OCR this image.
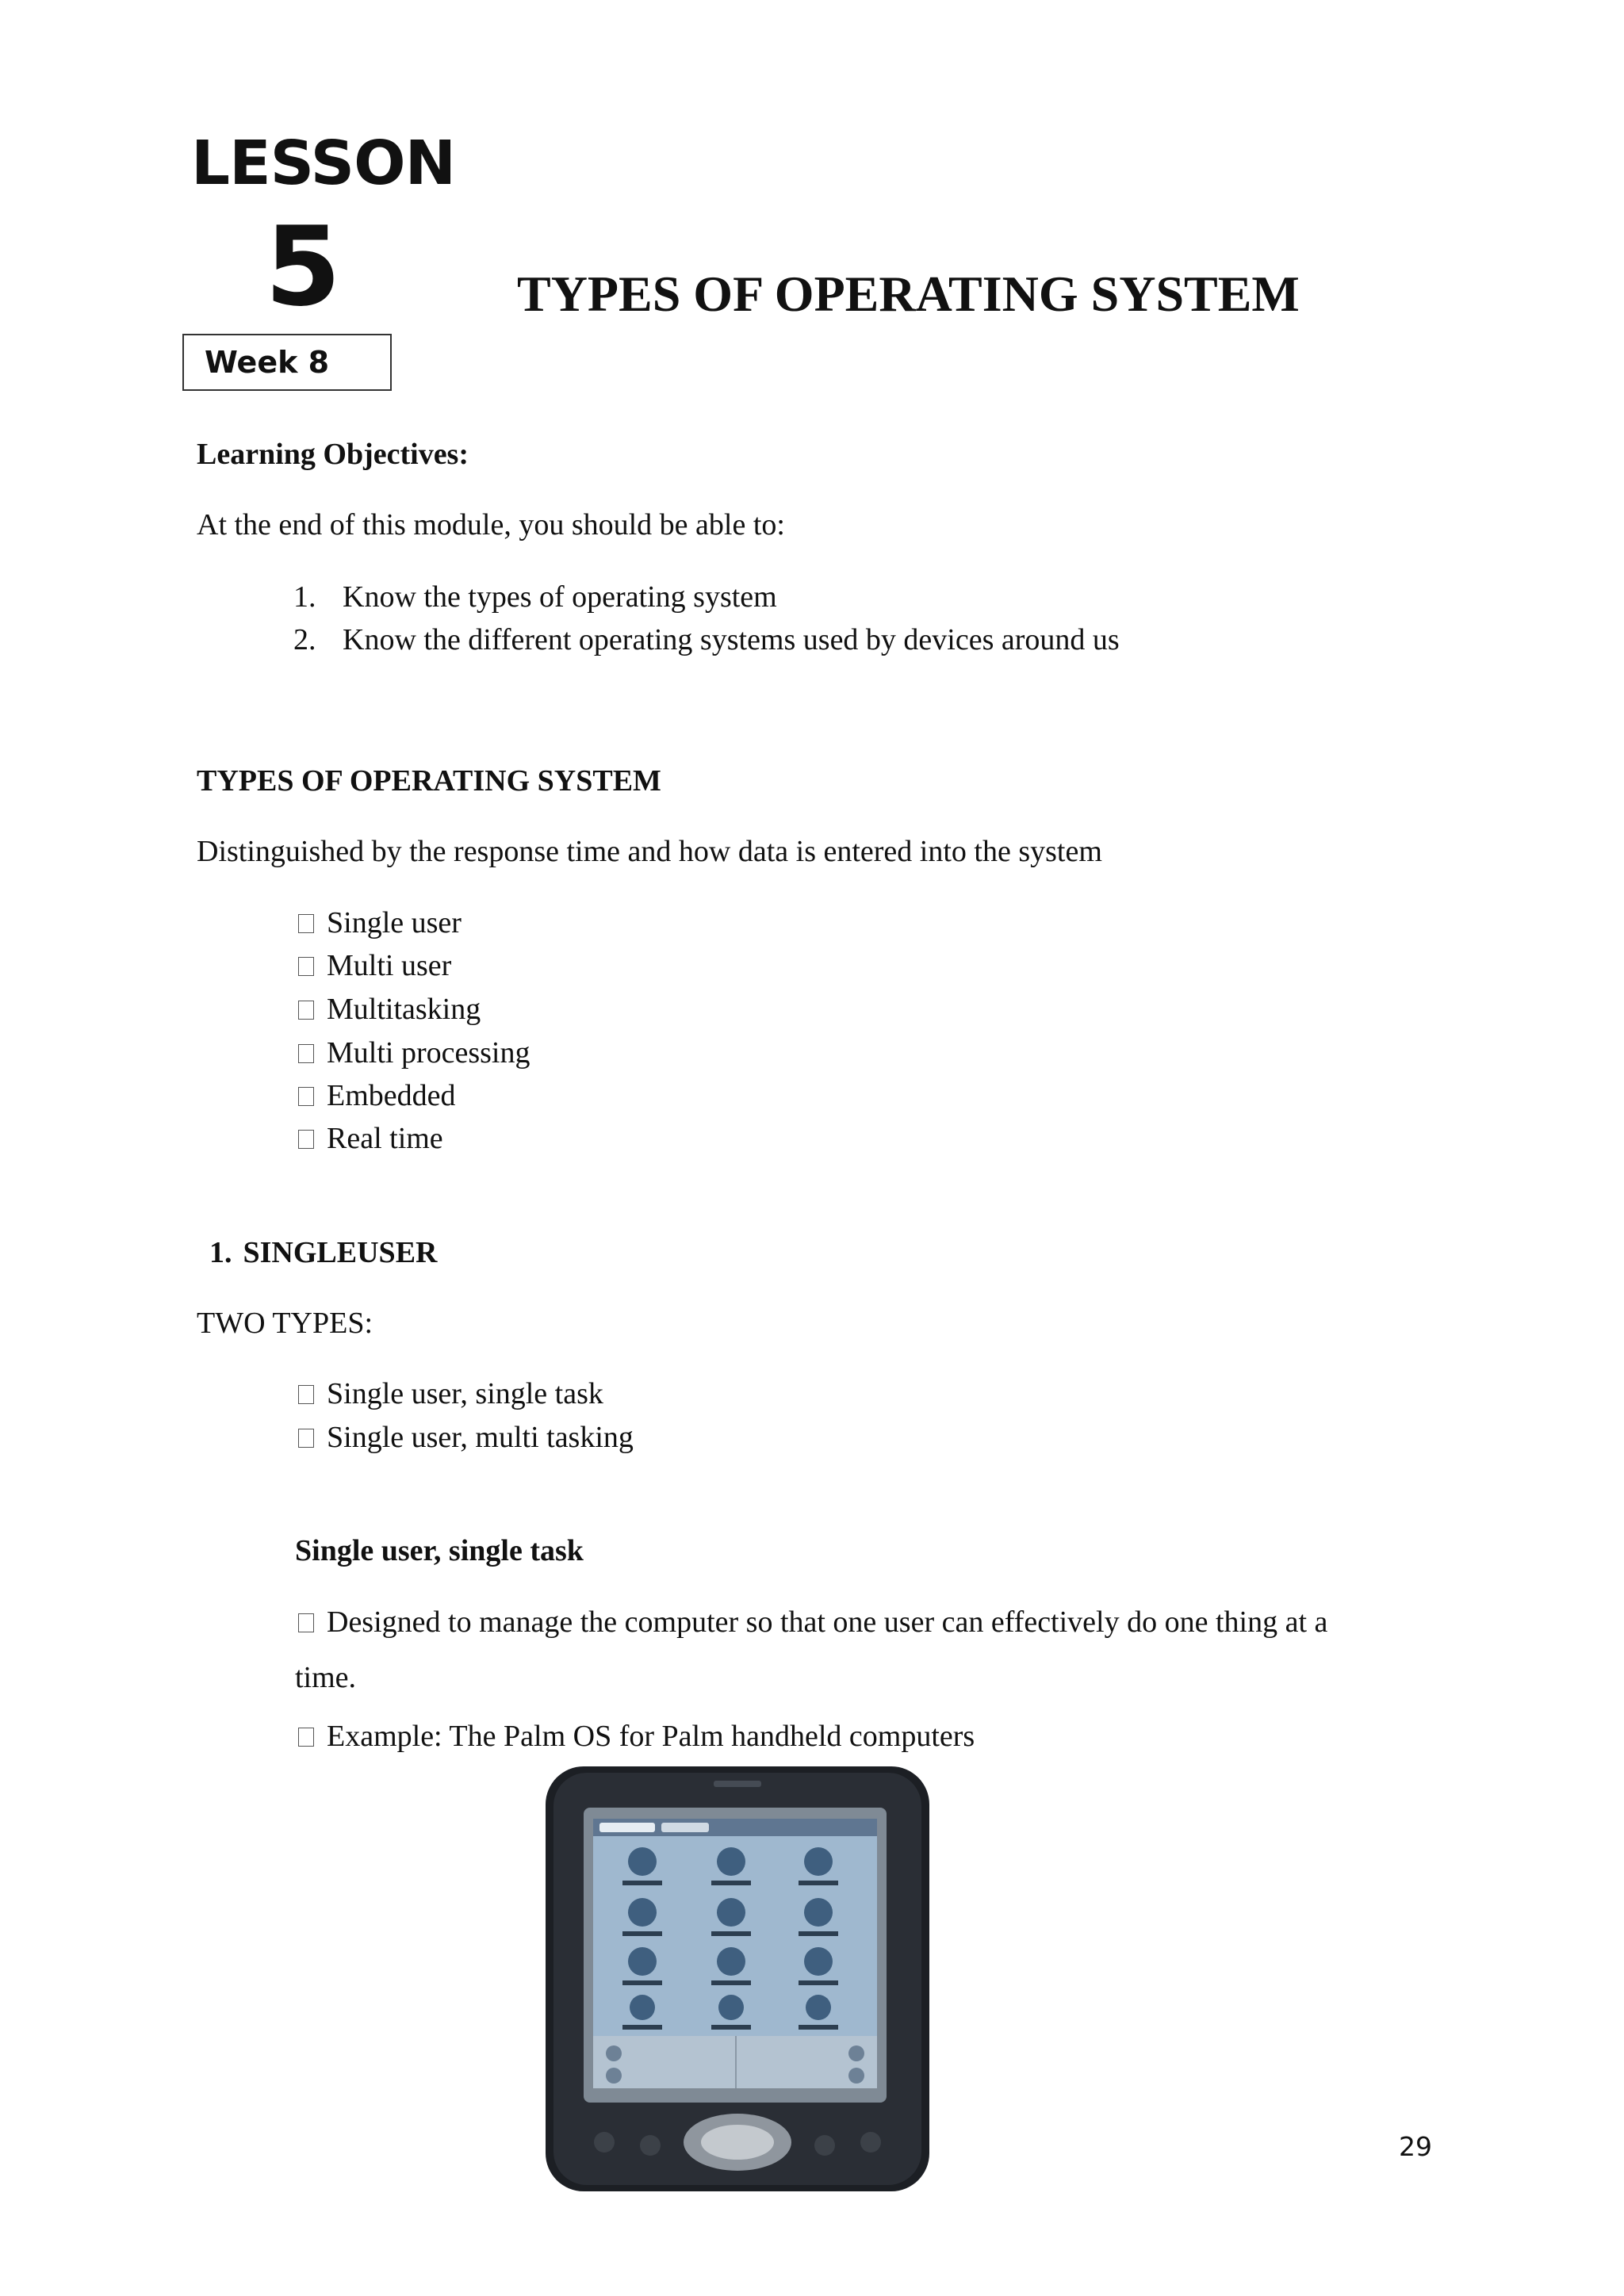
LESSON
5
Week 8
TYPES OF OPERATING SYSTEM
Learning Objectives:
At the end of this module, you should be able to:
1. Know the types of operating system
2. Know the different operating systems used by devices around us
TYPES OF OPERATING SYSTEM
Distinguished by the response time and how data is entered into the system
Single user
Multi user
Multitasking
Multi processing
Embedded
Real time
1. SINGLEUSER
TWO TYPES:
Single user, single task
Single user, multi tasking
Single user, single task
Designed to manage the computer so that one user can effectively do one thing at a
time.
Example: The Palm OS for Palm handheld computers
29
